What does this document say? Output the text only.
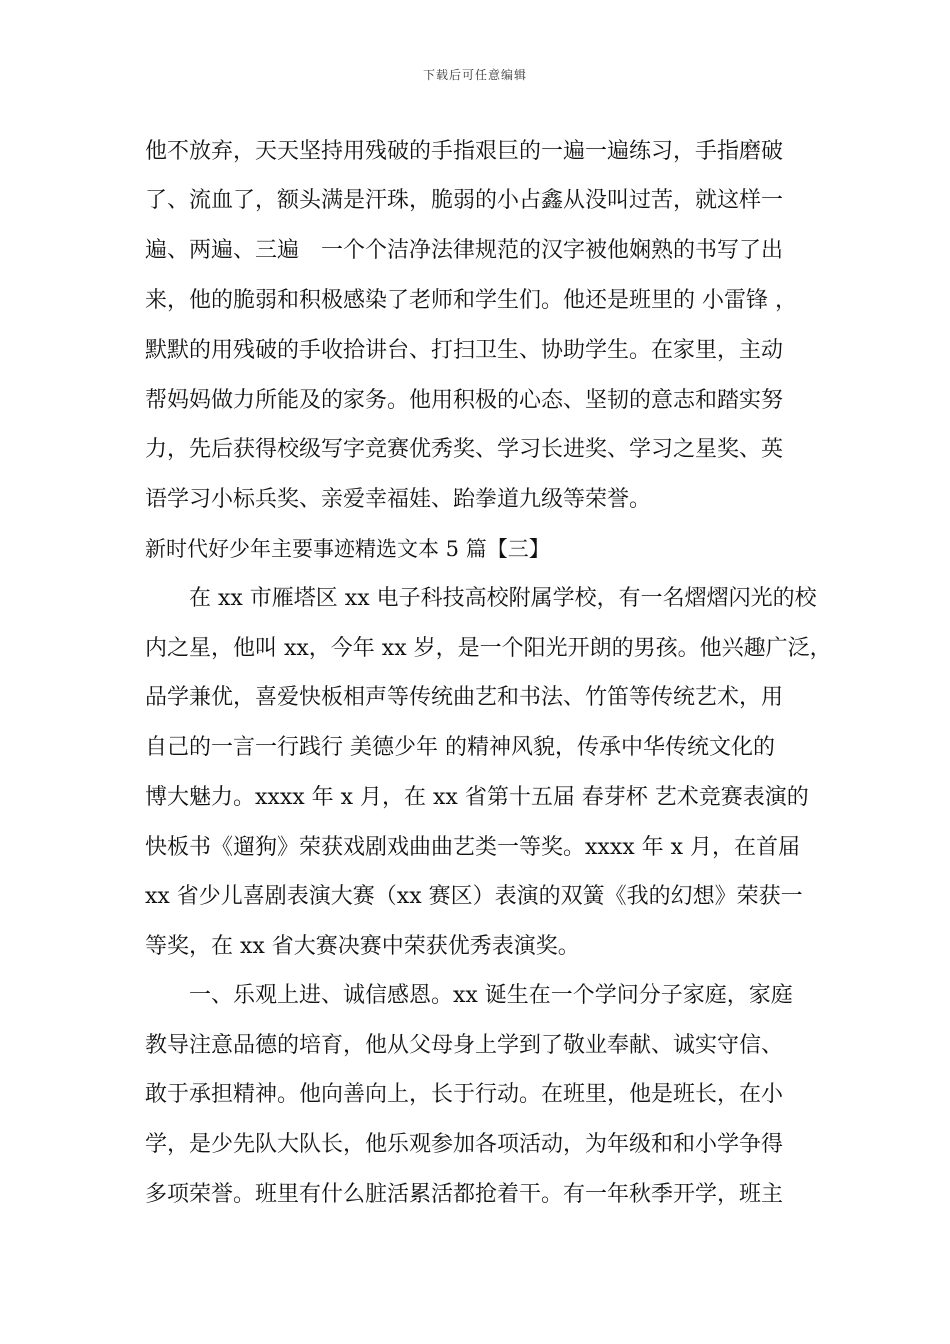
下载后可任意编辑
他不放弃，天天坚持用残破的手指艰巨的一遍一遍练习，手指磨破
了、流血了，额头满是汗珠，脆弱的小占鑫从没叫过苦，就这样一
遍、两遍、三遍　一个个洁净法律规范的汉字被他娴熟的书写了出
来，他的脆弱和积极感染了老师和学生们。他还是班里的 小雷锋 ，
默默的用残破的手收拾讲台、打扫卫生、协助学生。在家里，主动
帮妈妈做力所能及的家务。他用积极的心态、坚韧的意志和踏实努
力，先后获得校级写字竞赛优秀奖、学习长进奖、学习之星奖、英
语学习小标兵奖、亲爱幸福娃、跆拳道九级等荣誉。
新时代好少年主要事迹精选文本 5 篇【三】
　　在 xx 市雁塔区 xx 电子科技高校附属学校，有一名熠熠闪光的校
内之星，他叫 xx，今年 xx 岁，是一个阳光开朗的男孩。他兴趣广泛，
品学兼优，喜爱快板相声等传统曲艺和书法、竹笛等传统艺术，用
自己的一言一行践行 美德少年 的精神风貌，传承中华传统文化的
博大魅力。xxxx 年 x 月，在 xx 省第十五届 春芽杯 艺术竞赛表演的
快板书《遛狗》荣获戏剧戏曲曲艺类一等奖。xxxx 年 x 月，在首届
xx 省少儿喜剧表演大赛（xx 赛区）表演的双簧《我的幻想》荣获一
等奖，在 xx 省大赛决赛中荣获优秀表演奖。
　　一、乐观上进、诚信感恩。xx 诞生在一个学问分子家庭，家庭
教导注意品德的培育，他从父母身上学到了敬业奉献、诚实守信、
敢于承担精神。他向善向上，长于行动。在班里，他是班长，在小
学，是少先队大队长，他乐观参加各项活动，为年级和和小学争得
多项荣誉。班里有什么脏活累活都抢着干。有一年秋季开学，班主
